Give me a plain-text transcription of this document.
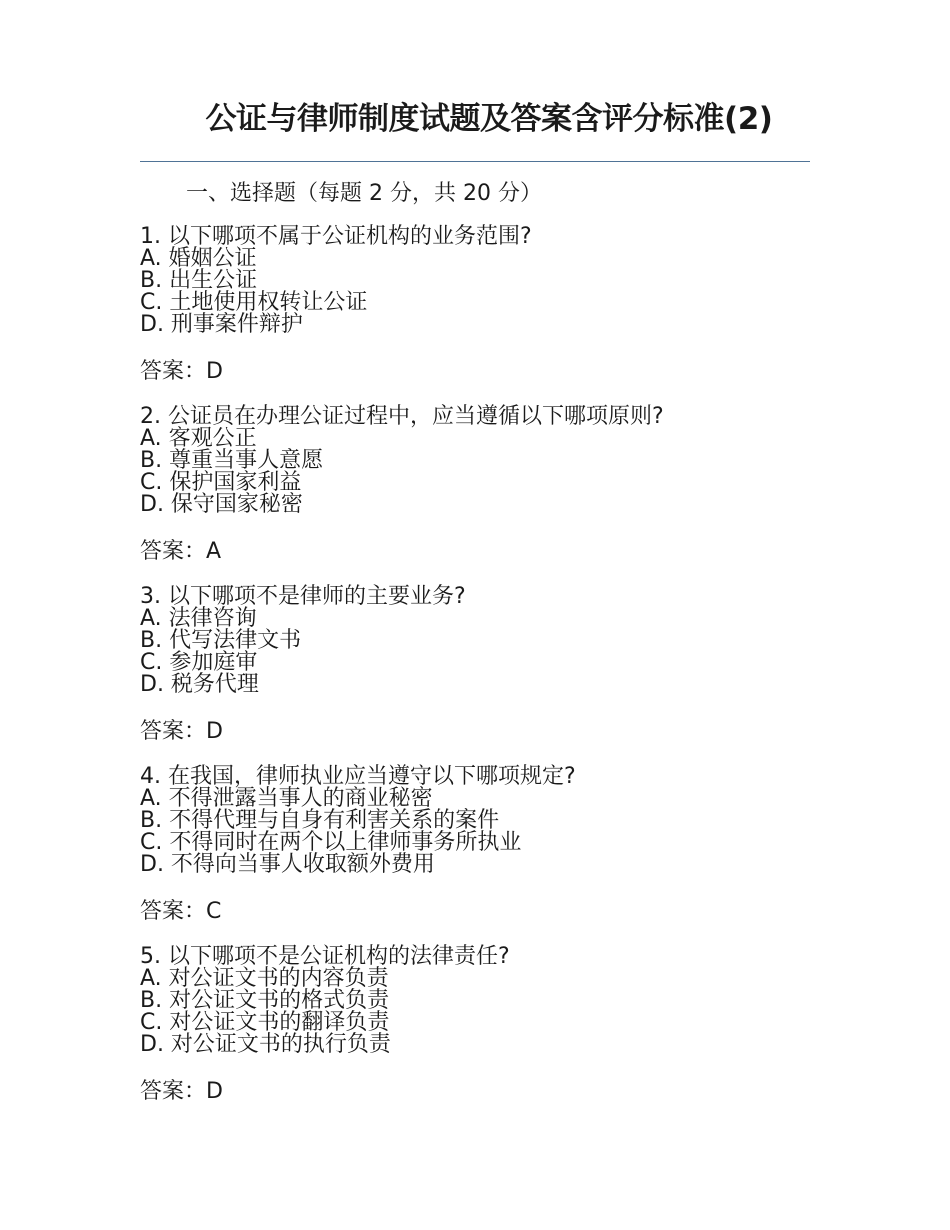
公证与律师制度试题及答案含评分标准(2)
一、选择题（每题 2 分，共 20 分）
1. 以下哪项不属于公证机构的业务范围?
A. 婚姻公证
B. 出生公证
C. 土地使用权转让公证
D. 刑事案件辩护
答案：D
2. 公证员在办理公证过程中，应当遵循以下哪项原则?
A. 客观公正
B. 尊重当事人意愿
C. 保护国家利益
D. 保守国家秘密
答案：A
3. 以下哪项不是律师的主要业务?
A. 法律咨询
B. 代写法律文书
C. 参加庭审
D. 税务代理
答案：D
4. 在我国，律师执业应当遵守以下哪项规定?
A. 不得泄露当事人的商业秘密
B. 不得代理与自身有利害关系的案件
C. 不得同时在两个以上律师事务所执业
D. 不得向当事人收取额外费用
答案：C
5. 以下哪项不是公证机构的法律责任?
A. 对公证文书的内容负责
B. 对公证文书的格式负责
C. 对公证文书的翻译负责
D. 对公证文书的执行负责
答案：D
